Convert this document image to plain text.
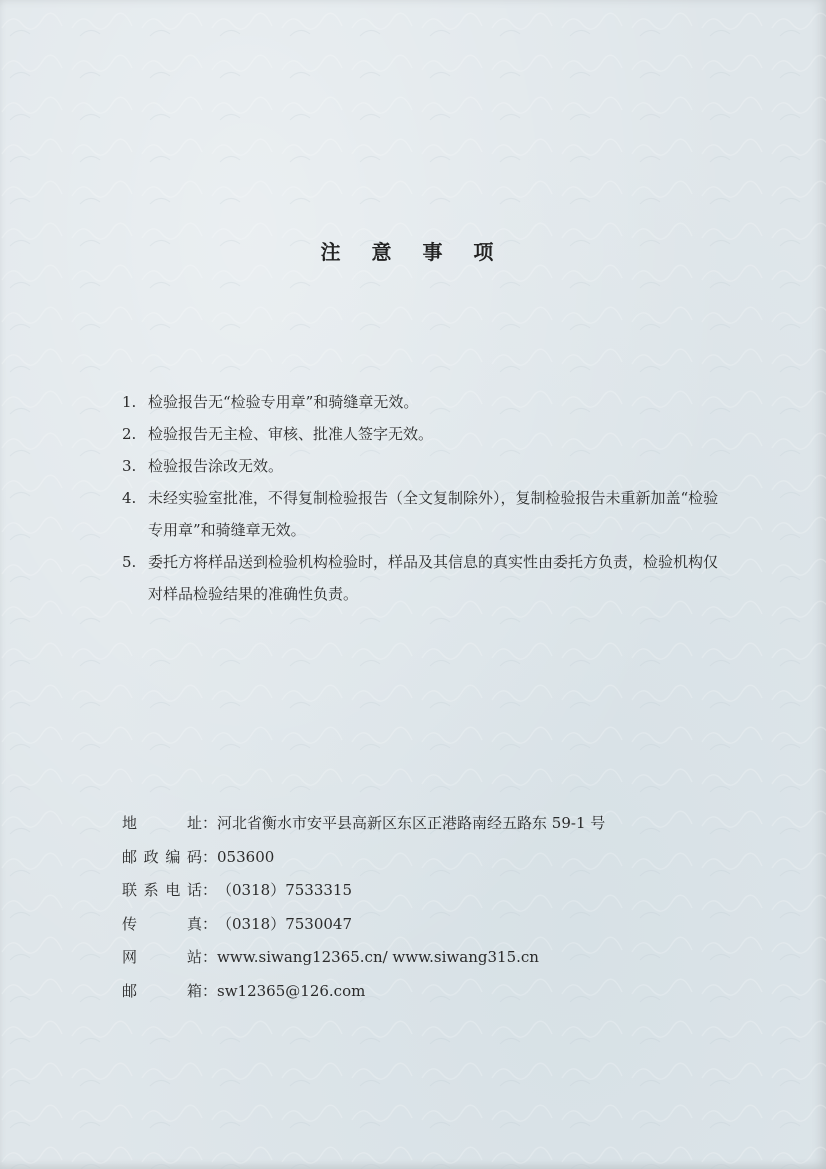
注 意 事 项
1. 检验报告无“检验专用章”和骑缝章无效。
2. 检验报告无主检、审核、批准人签字无效。
3. 检验报告涂改无效。
4. 未经实验室批准，不得复制检验报告（全文复制除外），复制检验报告未重新加盖“检验专用章”和骑缝章无效。
5. 委托方将样品送到检验机构检验时，样品及其信息的真实性由委托方负责，检验机构仅对样品检验结果的准确性负责。
地 址：河北省衡水市安平县高新区东区正港路南经五路东 59-1 号
邮政编码：053600
联系电话：（0318）7533315
传 真：（0318）7530047
网 站：www.siwang12365.cn/ www.siwang315.cn
邮 箱：sw12365@126.com
